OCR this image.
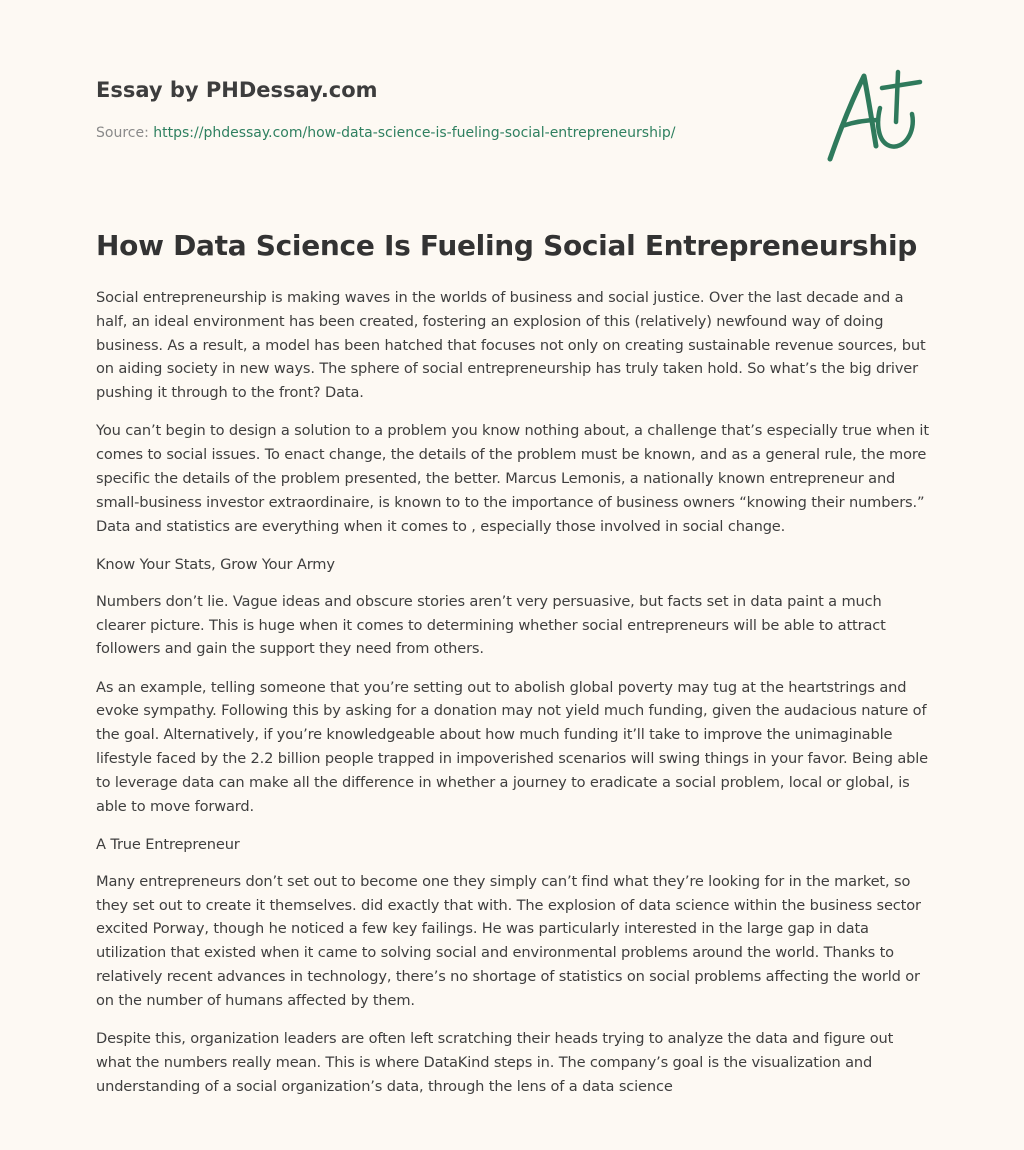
Essay by PHDessay.com
Source: https://phdessay.com/how-data-science-is-fueling-social-entrepreneurship/
How Data Science Is Fueling Social Entrepreneurship

Social entrepreneurship is making waves in the worlds of business and social justice. Over the last decade and a half, an ideal environment has been created, fostering an explosion of this (relatively) newfound way of doing business. As a result, a model has been hatched that focuses not only on creating sustainable revenue sources, but on aiding society in new ways. The sphere of social entrepreneurship has truly taken hold. So what’s the big driver pushing it through to the front? Data.

You can’t begin to design a solution to a problem you know nothing about, a challenge that’s especially true when it comes to social issues. To enact change, the details of the problem must be known, and as a general rule, the more specific the details of the problem presented, the better. Marcus Lemonis, a nationally known entrepreneur and small-business investor extraordinaire, is known to to the importance of business owners “knowing their numbers.” Data and statistics are everything when it comes to , especially those involved in social change.

Know Your Stats, Grow Your Army

Numbers don’t lie. Vague ideas and obscure stories aren’t very persuasive, but facts set in data paint a much clearer picture. This is huge when it comes to determining whether social entrepreneurs will be able to attract followers and gain the support they need from others.

As an example, telling someone that you’re setting out to abolish global poverty may tug at the heartstrings and evoke sympathy. Following this by asking for a donation may not yield much funding, given the audacious nature of the goal. Alternatively, if you’re knowledgeable about how much funding it’ll take to improve the unimaginable lifestyle faced by the 2.2 billion people trapped in impoverished scenarios will swing things in your favor. Being able to leverage data can make all the difference in whether a journey to eradicate a social problem, local or global, is able to move forward.

A True Entrepreneur

Many entrepreneurs don’t set out to become one they simply can’t find what they’re looking for in the market, so they set out to create it themselves. did exactly that with. The explosion of data science within the business sector excited Porway, though he noticed a few key failings. He was particularly interested in the large gap in data utilization that existed when it came to solving social and environmental problems around the world. Thanks to relatively recent advances in technology, there’s no shortage of statistics on social problems affecting the world or on the number of humans affected by them.

Despite this, organization leaders are often left scratching their heads trying to analyze the data and figure out what the numbers really mean. This is where DataKind steps in. The company’s goal is the visualization and understanding of a social organization’s data, through the lens of a data science
